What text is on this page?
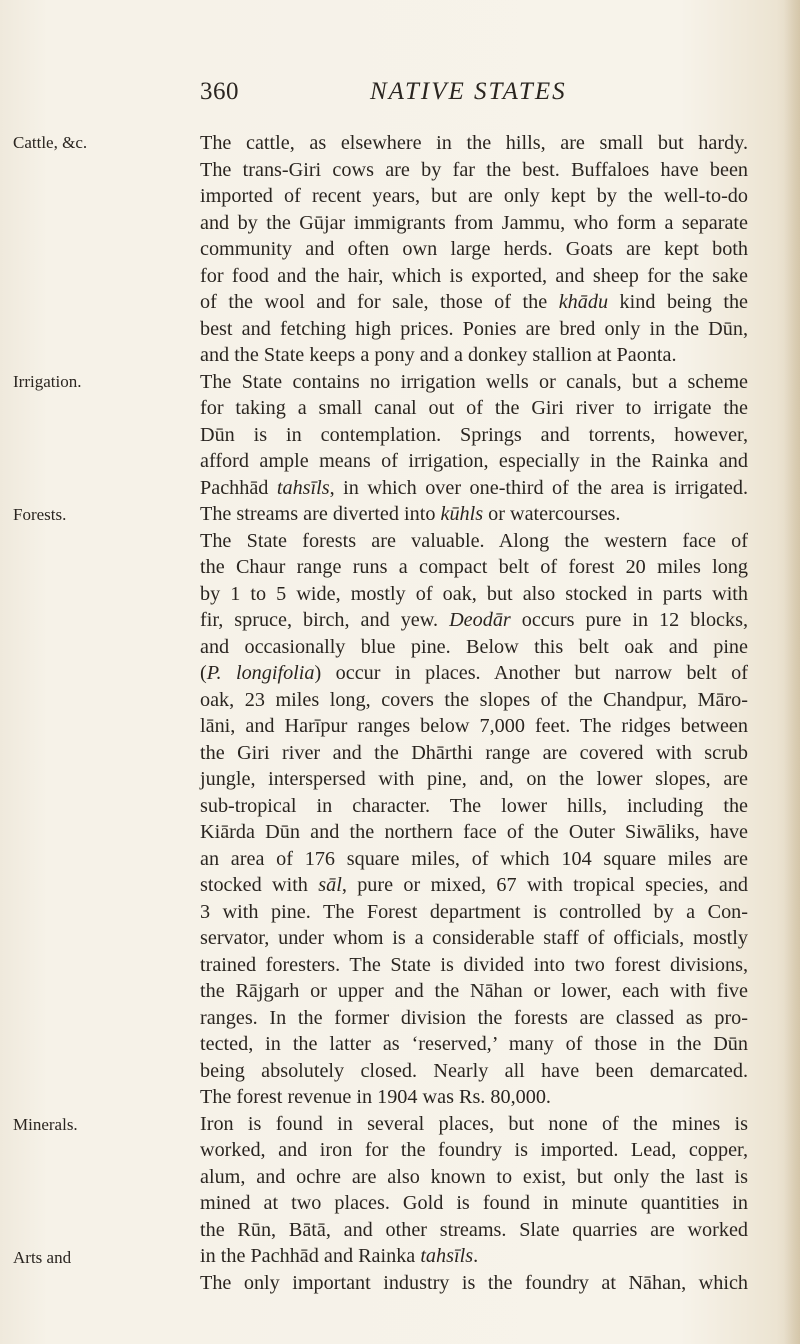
360	NATIVE STATES
Cattle, &c.
Irrigation.
Forests.
Minerals.
Arts and
The cattle, as elsewhere in the hills, are small but hardy.
The trans-Giri cows are by far the best. Buffaloes have been
imported of recent years, but are only kept by the well-to-do
and by the Gūjar immigrants from Jammu, who form a separate
community and often own large herds. Goats are kept both
for food and the hair, which is exported, and sheep for the sake
of the wool and for sale, those of the khādu kind being the
best and fetching high prices. Ponies are bred only in the Dūn,
and the State keeps a pony and a donkey stallion at Paonta.
The State contains no irrigation wells or canals, but a scheme
for taking a small canal out of the Giri river to irrigate the
Dūn is in contemplation. Springs and torrents, however,
afford ample means of irrigation, especially in the Rainka and
Pachhād tahsīls, in which over one-third of the area is irrigated.
The streams are diverted into kūhls or watercourses.
The State forests are valuable. Along the western face of
the Chaur range runs a compact belt of forest 20 miles long
by 1 to 5 wide, mostly of oak, but also stocked in parts with
fir, spruce, birch, and yew. Deodār occurs pure in 12 blocks,
and occasionally blue pine. Below this belt oak and pine
(P. longifolia) occur in places. Another but narrow belt of
oak, 23 miles long, covers the slopes of the Chandpur, Māro-
lāni, and Harīpur ranges below 7,000 feet. The ridges between
the Giri river and the Dhārthi range are covered with scrub
jungle, interspersed with pine, and, on the lower slopes, are
sub-tropical in character. The lower hills, including the
Kiārda Dūn and the northern face of the Outer Siwāliks, have
an area of 176 square miles, of which 104 square miles are
stocked with sāl, pure or mixed, 67 with tropical species, and
3 with pine. The Forest department is controlled by a Con-
servator, under whom is a considerable staff of officials, mostly
trained foresters. The State is divided into two forest divisions,
the Rājgarh or upper and the Nāhan or lower, each with five
ranges. In the former division the forests are classed as pro-
tected, in the latter as ‘reserved,’ many of those in the Dūn
being absolutely closed. Nearly all have been demarcated.
The forest revenue in 1904 was Rs. 80,000.
Iron is found in several places, but none of the mines is
worked, and iron for the foundry is imported. Lead, copper,
alum, and ochre are also known to exist, but only the last is
mined at two places. Gold is found in minute quantities in
the Rūn, Bātā, and other streams. Slate quarries are worked
in the Pachhād and Rainka tahsīls.
The only important industry is the foundry at Nāhan, which
